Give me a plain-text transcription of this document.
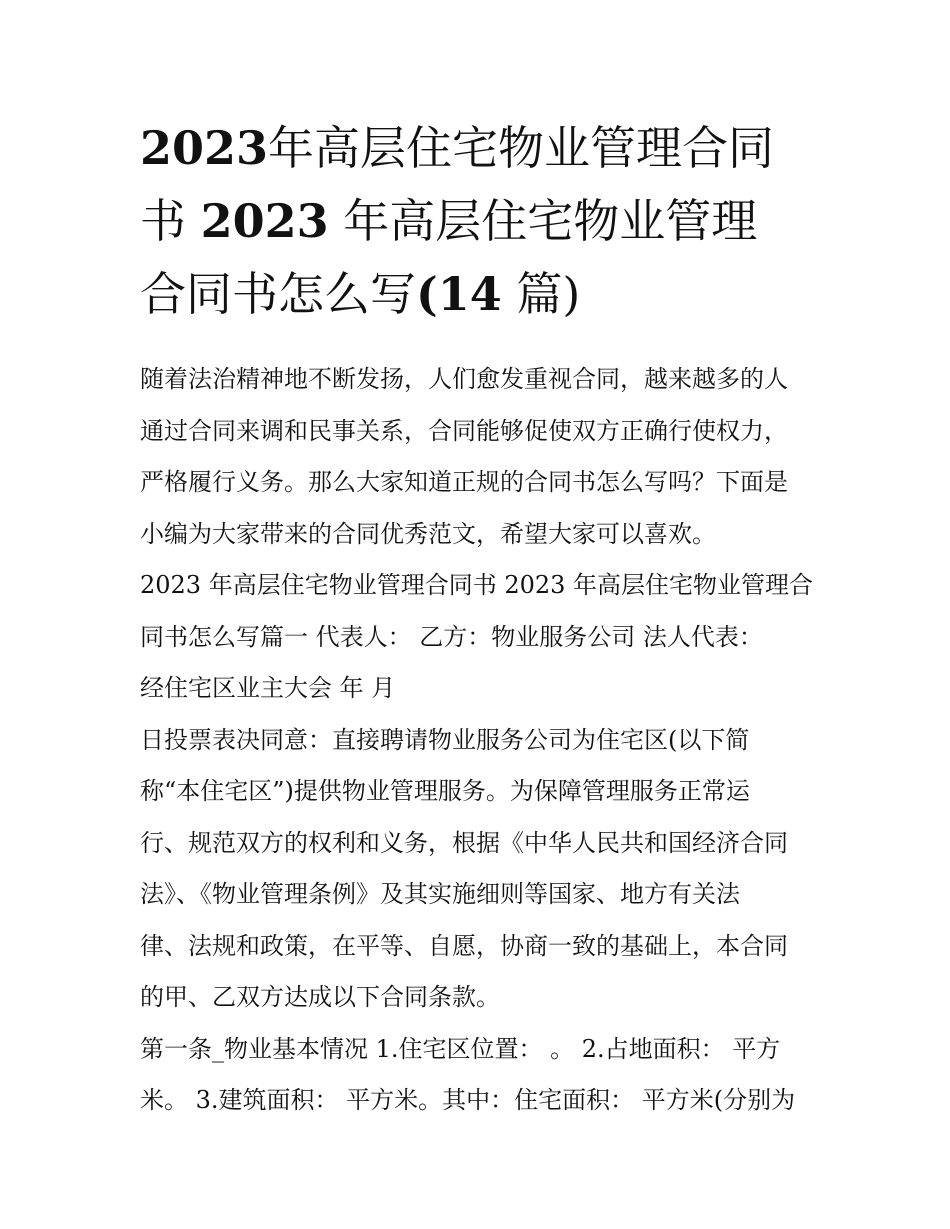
2023年高层住宅物业管理合同
书 2023 年高层住宅物业管理
合同书怎么写(14 篇)
随着法治精神地不断发扬，人们愈发重视合同，越来越多的人
通过合同来调和民事关系，合同能够促使双方正确行使权力，
严格履行义务。那么大家知道正规的合同书怎么写吗？下面是
小编为大家带来的合同优秀范文，希望大家可以喜欢。
2023 年高层住宅物业管理合同书 2023 年高层住宅物业管理合
同书怎么写篇一 代表人： 乙方：物业服务公司 法人代表：
经住宅区业主大会 年 月
日投票表决同意：直接聘请物业服务公司为住宅区(以下简
称“本住宅区”)提供物业管理服务。为保障管理服务正常运
行、规范双方的权利和义务，根据《中华人民共和国经济合同
法》、《物业管理条例》及其实施细则等国家、地方有关法
律、法规和政策，在平等、自愿，协商一致的基础上，本合同
的甲、乙双方达成以下合同条款。
第一条_物业基本情况 1.住宅区位置： 。 2.占地面积： 平方
米。 3.建筑面积： 平方米。其中：住宅面积： 平方米(分别为
